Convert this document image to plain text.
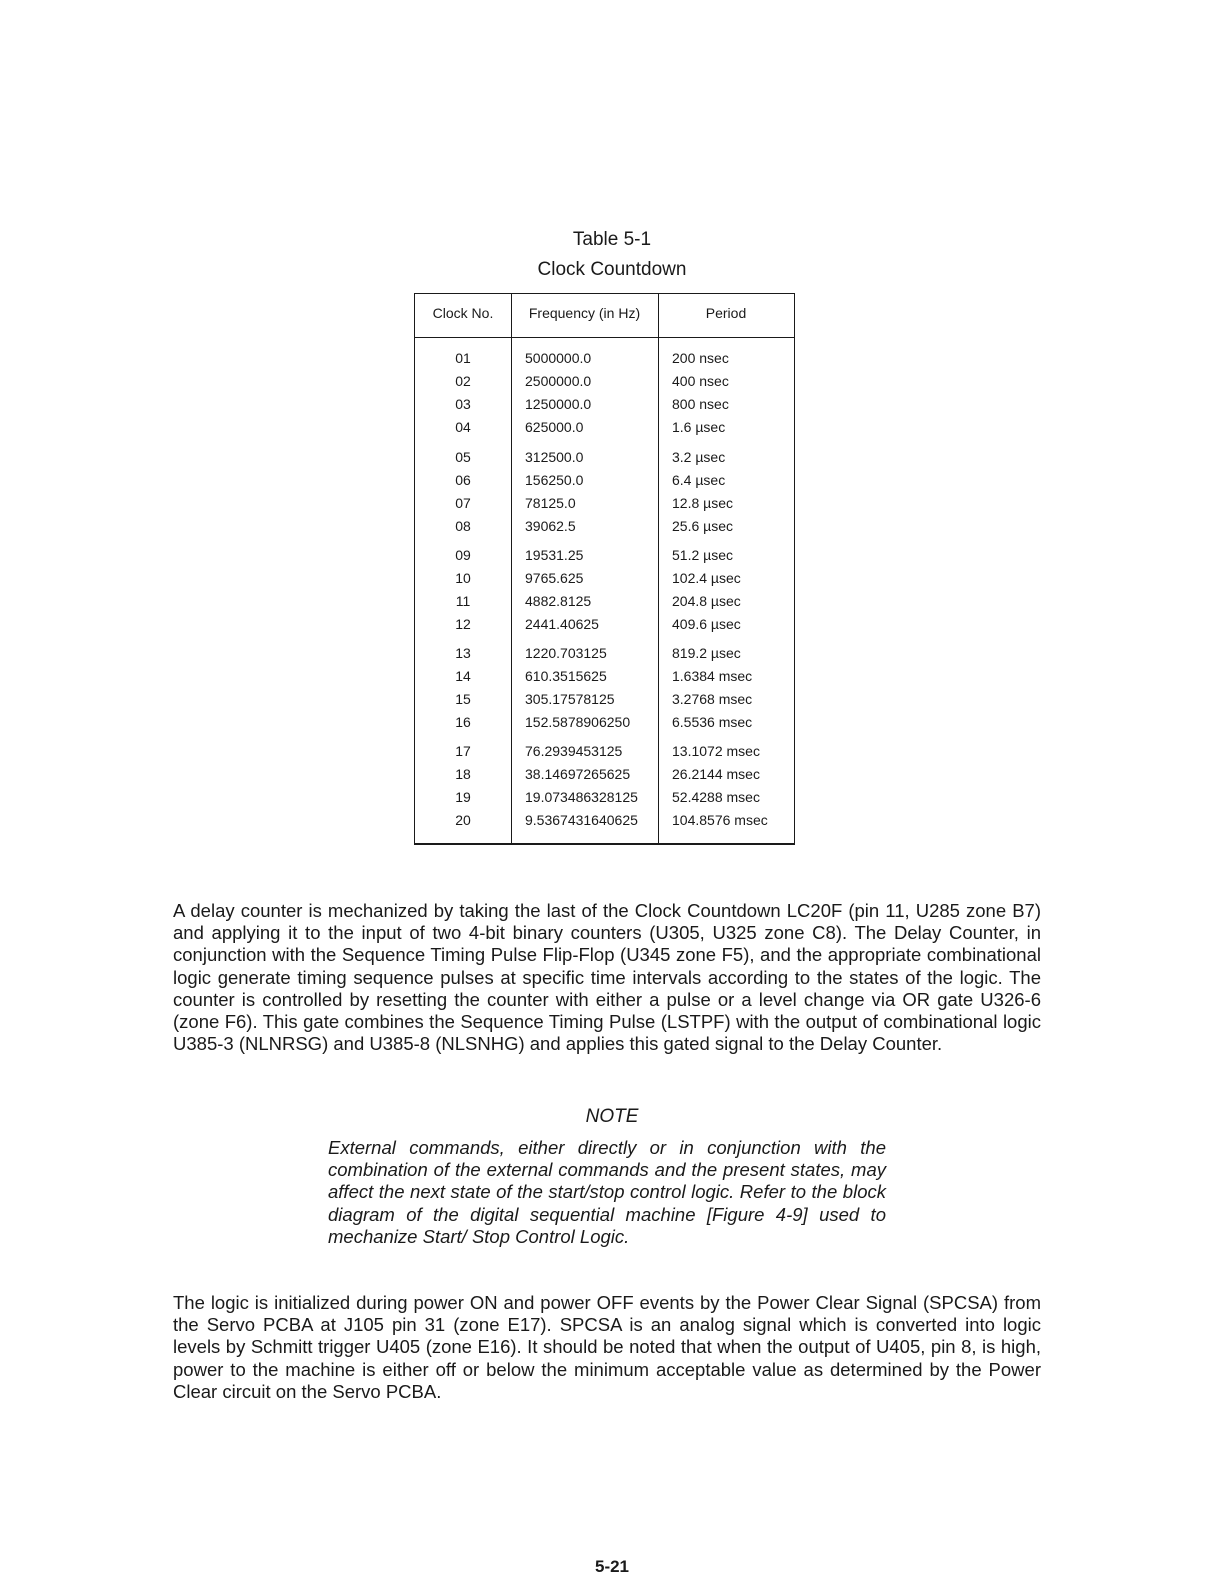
Table 5-1
Clock Countdown
Clock No.	Frequency (in Hz)	Period
01	5000000.0	200 nsec
02	2500000.0	400 nsec
03	1250000.0	800 nsec
04	625000.0	1.6 µsec
05	312500.0	3.2 µsec
06	156250.0	6.4 µsec
07	78125.0	12.8 µsec
08	39062.5	25.6 µsec
09	19531.25	51.2 µsec
10	9765.625	102.4 µsec
11	4882.8125	204.8 µsec
12	2441.40625	409.6 µsec
13	1220.703125	819.2 µsec
14	610.3515625	1.6384 msec
15	305.17578125	3.2768 msec
16	152.5878906250	6.5536 msec
17	76.2939453125	13.1072 msec
18	38.14697265625	26.2144 msec
19	19.073486328125	52.4288 msec
20	9.5367431640625	104.8576 msec

A delay counter is mechanized by taking the last of the Clock Countdown LC20F (pin 11, U285 zone B7) and applying it to the input of two 4-bit binary counters (U305, U325 zone C8). The Delay Counter, in conjunction with the Sequence Timing Pulse Flip-Flop (U345 zone F5), and the appropriate combinational logic generate timing sequence pulses at specific time intervals according to the states of the logic. The counter is controlled by resetting the counter with either a pulse or a level change via OR gate U326-6 (zone F6). This gate combines the Sequence Timing Pulse (LSTPF) with the output of combinational logic U385-3 (NLNRSG) and U385-8 (NLSNHG) and applies this gated signal to the Delay Counter.

NOTE

External commands, either directly or in conjunction with the combination of the external commands and the present states, may affect the next state of the start/stop control logic. Refer to the block diagram of the digital sequential machine [Figure 4-9] used to mechanize Start/ Stop Control Logic.

The logic is initialized during power ON and power OFF events by the Power Clear Signal (SPCSA) from the Servo PCBA at J105 pin 31 (zone E17). SPCSA is an analog signal which is converted into logic levels by Schmitt trigger U405 (zone E16). It should be noted that when the output of U405, pin 8, is high, power to the machine is either off or below the minimum acceptable value as determined by the Power Clear circuit on the Servo PCBA.

5-21
